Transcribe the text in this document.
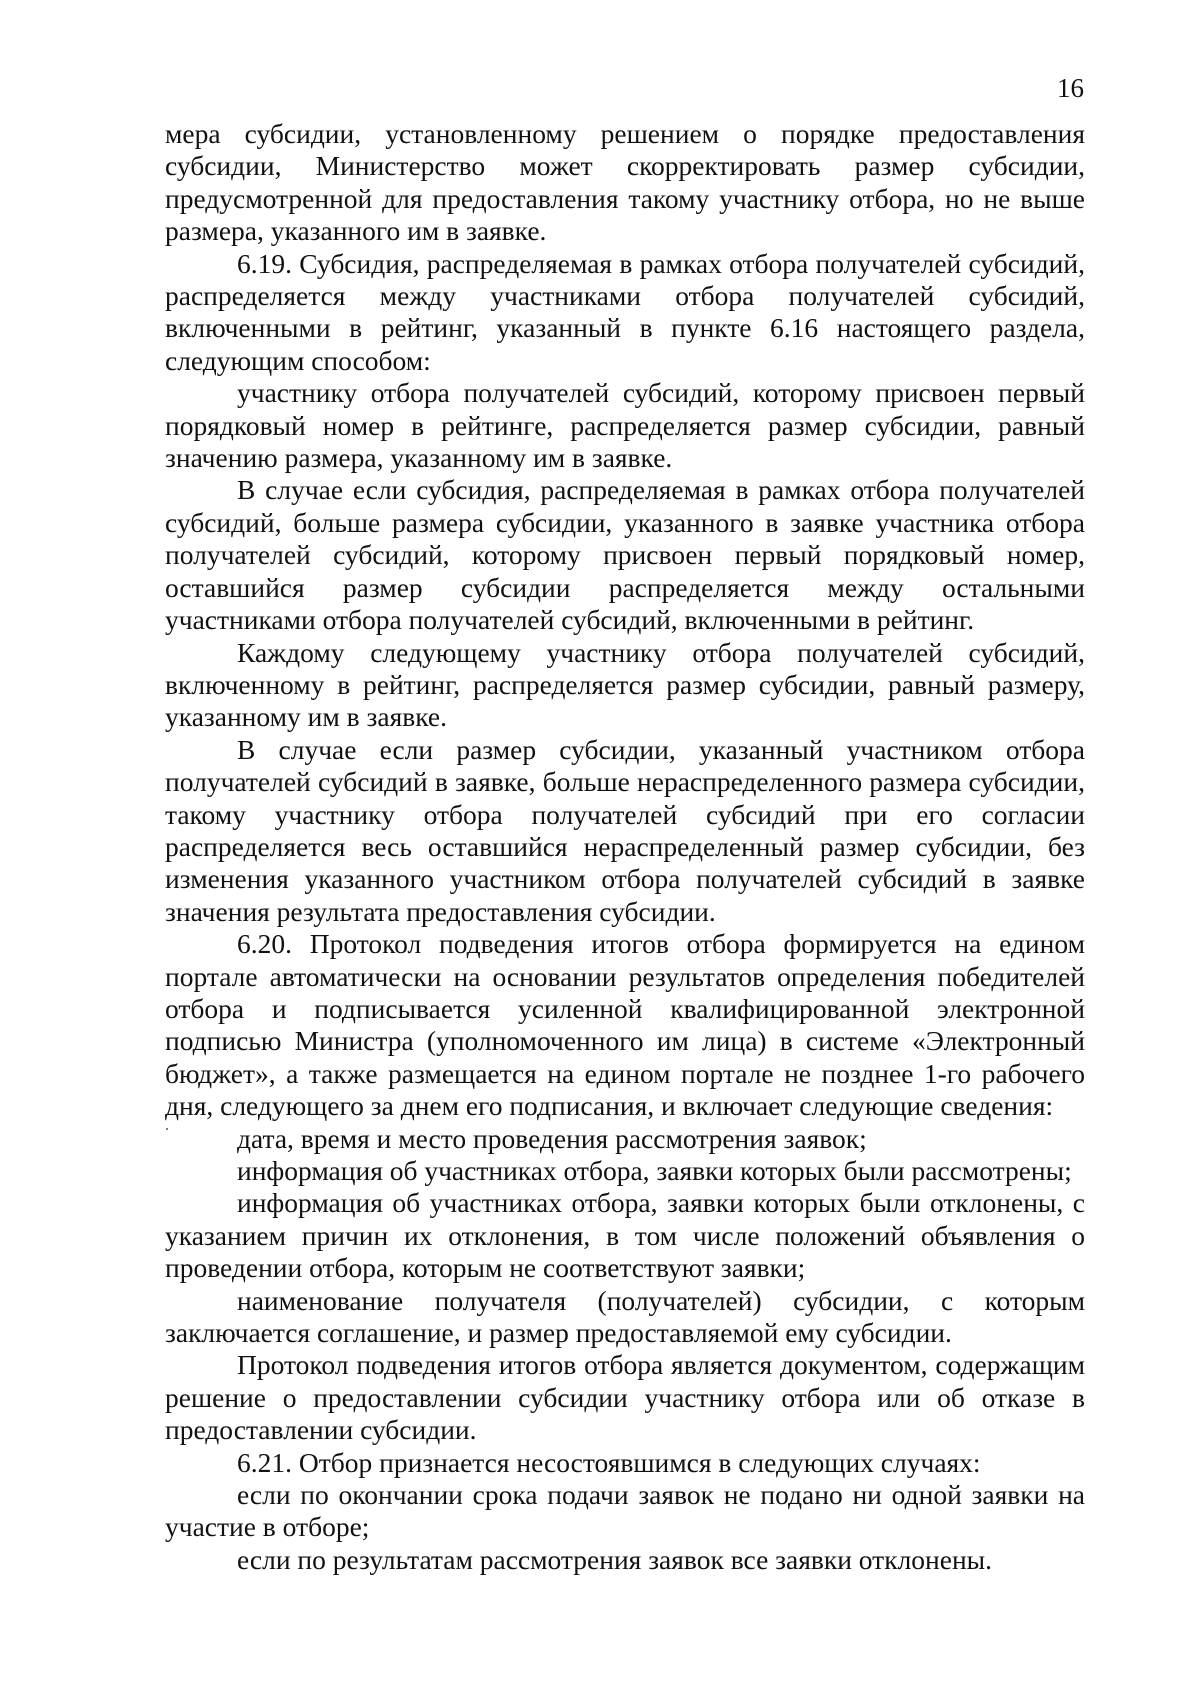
16

мера субсидии, установленному решением о порядке предоставления субсидии, Министерство может скорректировать размер субсидии, предусмотренной для предоставления такому участнику отбора, но не выше размера, указанного им в заявке.

6.19. Субсидия, распределяемая в рамках отбора получателей субсидий, распределяется между участниками отбора получателей субсидий, включенными в рейтинг, указанный в пункте 6.16 настоящего раздела, следующим способом:

участнику отбора получателей субсидий, которому присвоен первый порядковый номер в рейтинге, распределяется размер субсидии, равный значению размера, указанному им в заявке.

В случае если субсидия, распределяемая в рамках отбора получателей субсидий, больше размера субсидии, указанного в заявке участника отбора получателей субсидий, которому присвоен первый порядковый номер, оставшийся размер субсидии распределяется между остальными участниками отбора получателей субсидий, включенными в рейтинг.

Каждому следующему участнику отбора получателей субсидий, включенному в рейтинг, распределяется размер субсидии, равный размеру, указанному им в заявке.

В случае если размер субсидии, указанный участником отбора получателей субсидий в заявке, больше нераспределенного размера субсидии, такому участнику отбора получателей субсидий при его согласии распределяется весь оставшийся нераспределенный размер субсидии, без изменения указанного участником отбора получателей субсидий в заявке значения результата предоставления субсидии.

6.20. Протокол подведения итогов отбора формируется на едином портале автоматически на основании результатов определения победителей отбора и подписывается усиленной квалифицированной электронной подписью Министра (уполномоченного им лица) в системе «Электронный бюджет», а также размещается на едином портале не позднее 1-го рабочего дня, следующего за днем его подписания, и включает следующие сведения:

дата, время и место проведения рассмотрения заявок;

информация об участниках отбора, заявки которых были рассмотрены;

информация об участниках отбора, заявки которых были отклонены, с указанием причин их отклонения, в том числе положений объявления о проведении отбора, которым не соответствуют заявки;

наименование получателя (получателей) субсидии, с которым заключается соглашение, и размер предоставляемой ему субсидии.

Протокол подведения итогов отбора является документом, содержащим решение о предоставлении субсидии участнику отбора или об отказе в предоставлении субсидии.

6.21. Отбор признается несостоявшимся в следующих случаях:

если по окончании срока подачи заявок не подано ни одной заявки на участие в отборе;

если по результатам рассмотрения заявок все заявки отклонены.
